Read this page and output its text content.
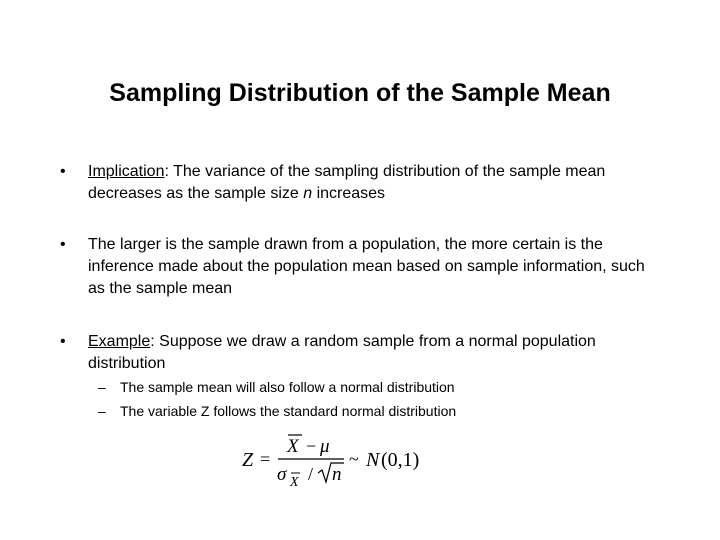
Sampling Distribution of the Sample Mean
• Implication: The variance of the sampling distribution of the sample mean decreases as the sample size n increases
• The larger is the sample drawn from a population, the more certain is the inference made about the population mean based on sample information, such as the sample mean
• Example: Suppose we draw a random sample from a normal population distribution
– The sample mean will also follow a normal distribution
– The variable Z follows the standard normal distribution
Z =
X − μ
σ X / n
~ N (0,1)
